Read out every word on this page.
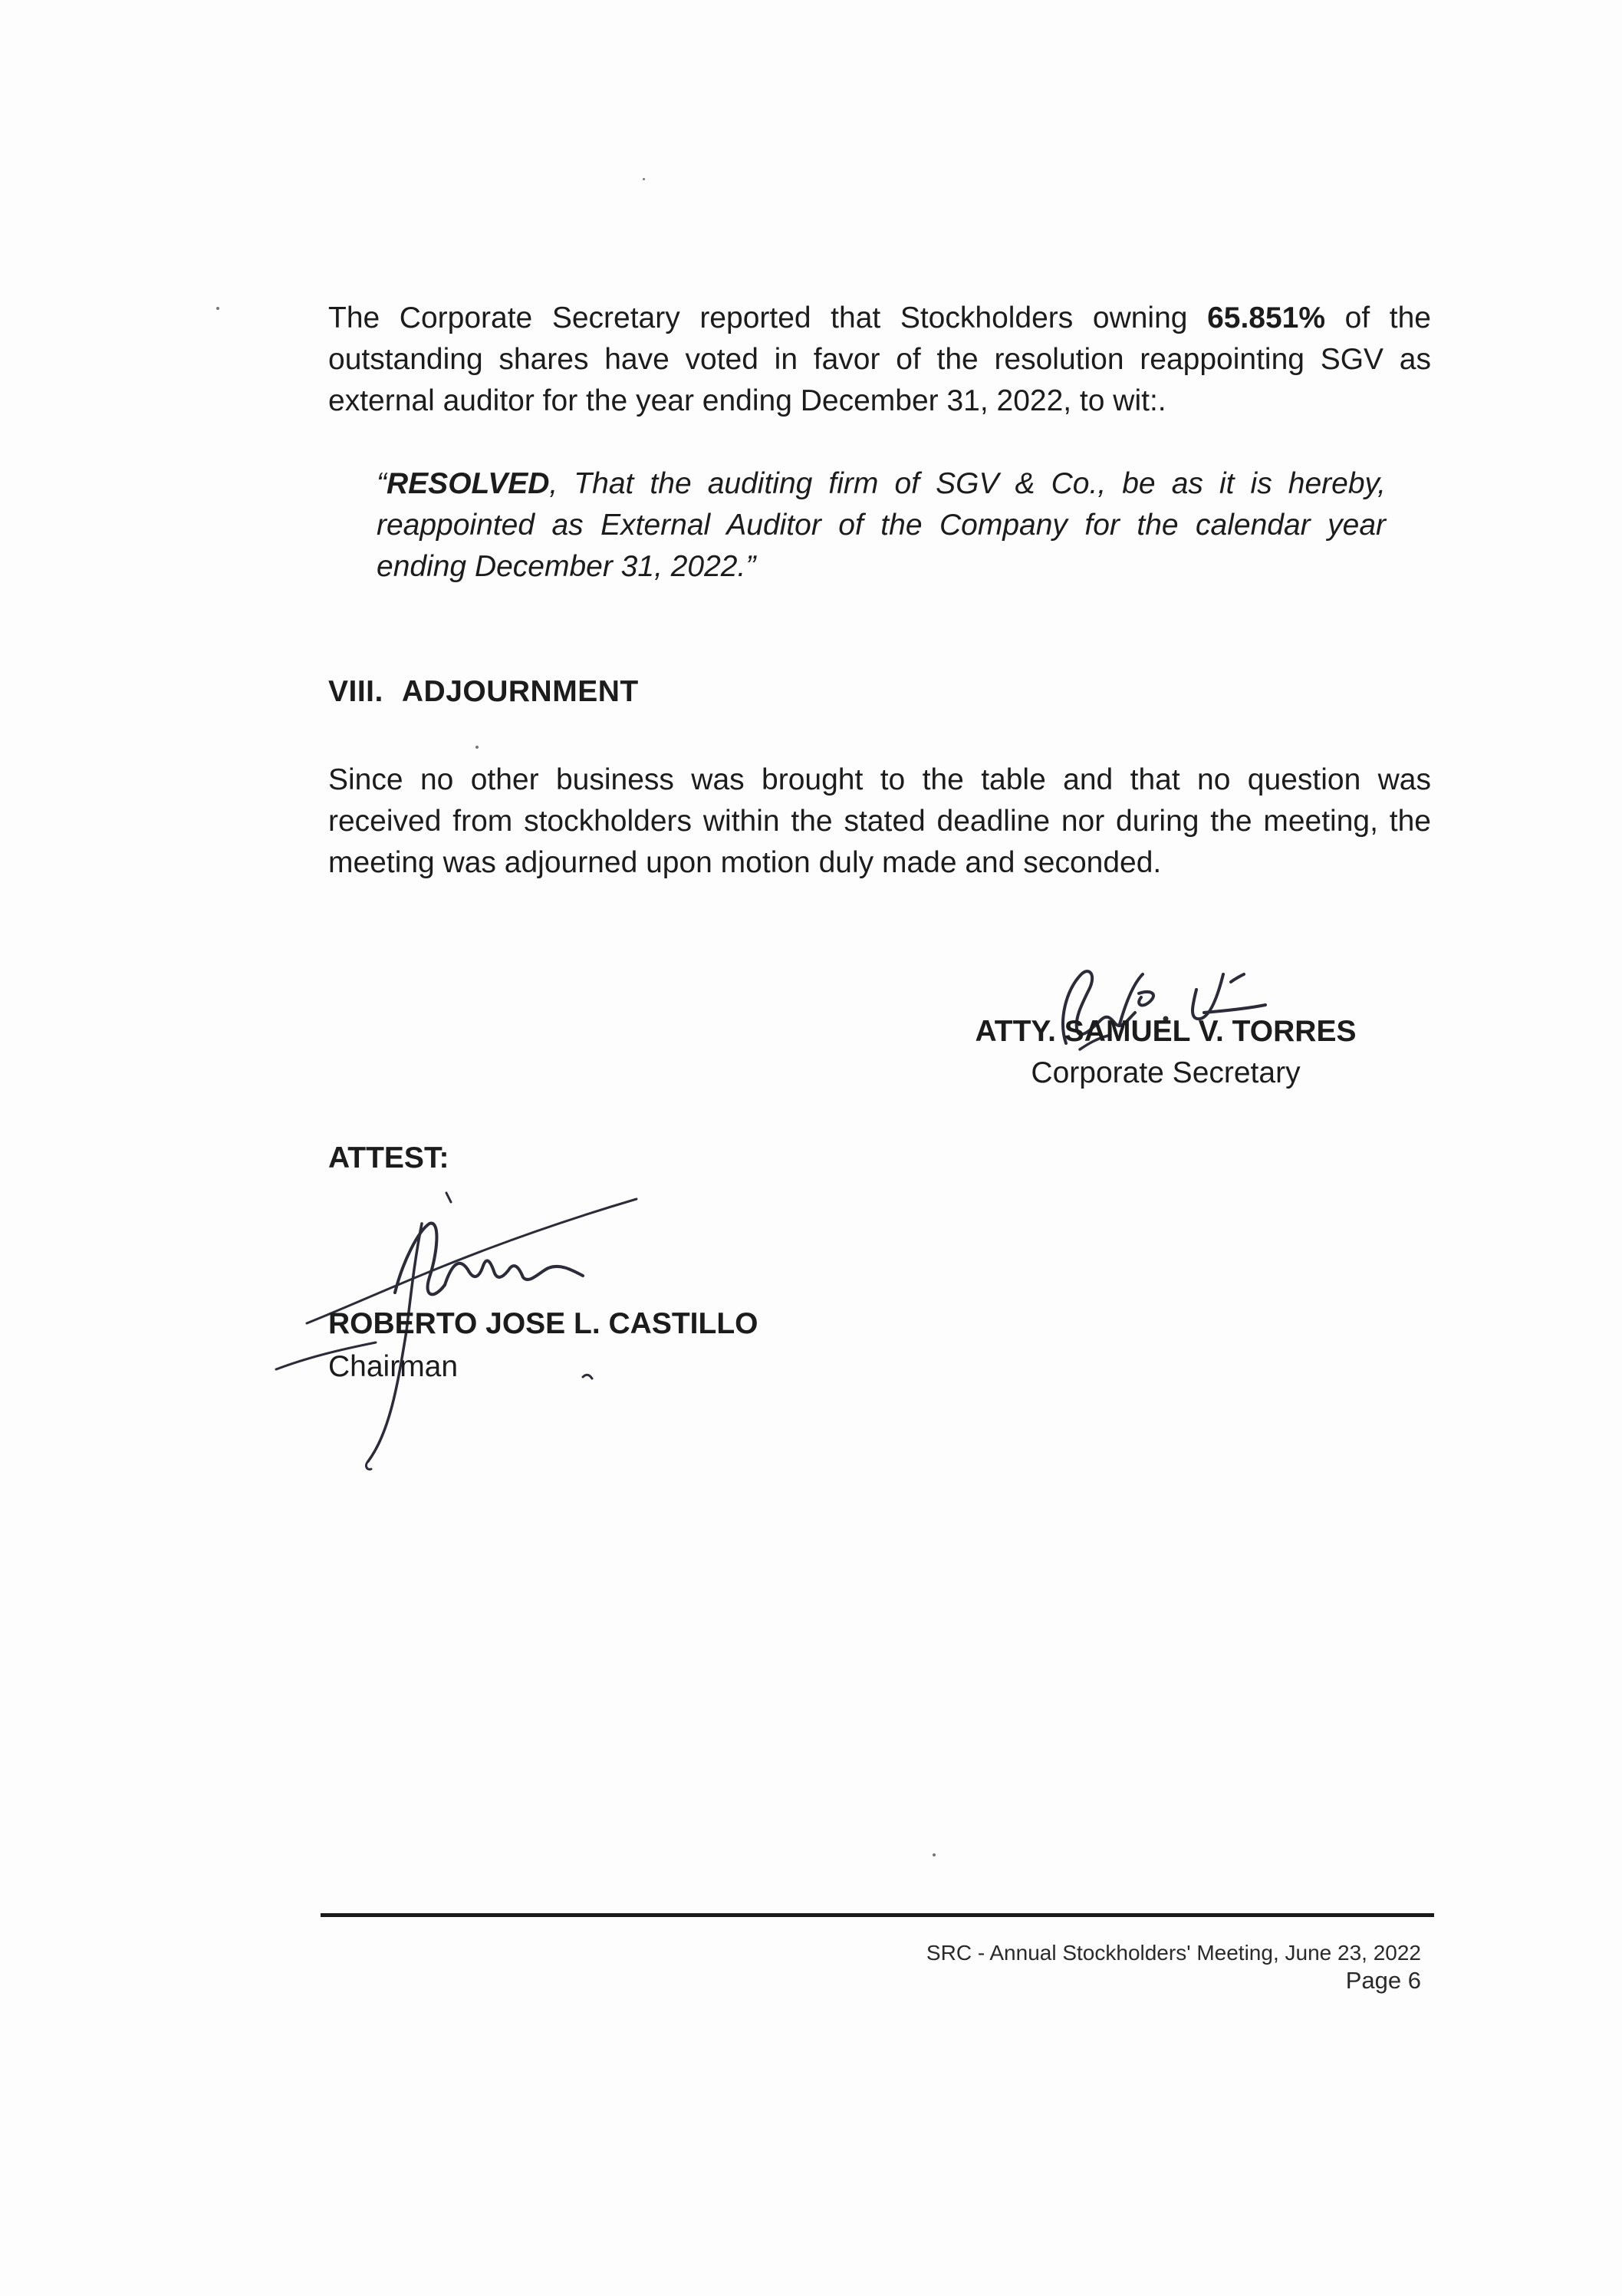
The Corporate Secretary reported that Stockholders owning 65.851% of the outstanding shares have voted in favor of the resolution reappointing SGV as external auditor for the year ending December 31, 2022, to wit:.

“RESOLVED, That the auditing firm of SGV & Co., be as it is hereby, reappointed as External Auditor of the Company for the calendar year ending December 31, 2022.”

VIII. ADJOURNMENT

Since no other business was brought to the table and that no question was received from stockholders within the stated deadline nor during the meeting, the meeting was adjourned upon motion duly made and seconded.

ATTY. SAMUEL V. TORRES
Corporate Secretary

ATTEST:

ROBERTO JOSE L. CASTILLO

Chairman

SRC - Annual Stockholders' Meeting, June 23, 2022
Page 6
